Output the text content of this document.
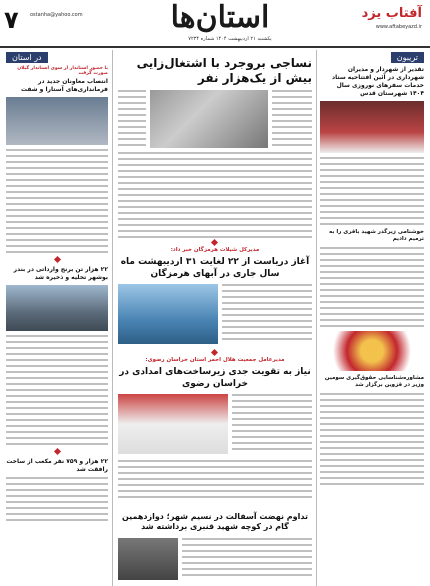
۷ ostanha@yahoo.com	استان‌ها	آفتاب یزد
www.aftabeyazd.ir
یکشنبه ۲۱ اردیبهشت ۱۴۰۴ شماره ۷۲۳۴
تریبون
در استان
تقدیر از شهردار و مدیران شهرداری در آئین افتتاحیه ستاد خدمات سفرهای نوروزی سال ۱۴۰۴ شهرستان قدس
خوشنامی زیرگذر شهید باقری را به ترمیم دادیم
مشاوره‌شناسایی حقوق‌گیری سومین وزیر در قزوین برگزار شد
نساجی بروجرد با اشتغال‌زایی بیش از یک‌هزار نفر
مدیرکل شیلات هرمزگان خبر داد:
آغاز دریاست از ۲۲ لغایت ۳۱ اردیبهشت ماه سال جاری در آبهای هرمزگان
مدیرعامل جمعیت هلال احمر استان خراسان رضوی:
نیاز به تقویت جدی زیرساخت‌های امدادی در خراسان رضوی
تداوم نهضت آسفالت در نسیم شهر؛ دوازدهمین گام در کوچه شهید قنبری برداشته شد
با حضور استاندار از سوی استاندار گیلان صورت گرفت
انتصاب معاونان جدید در فرمانداری‌های آستارا و شفت
۲۲ هزار تن برنج وارداتی در بندر بوشهر تخلیه و ذخیره شد
۲۲ هزار و ۷۵۹ نفر مکعب از ساخت رافقت شد
